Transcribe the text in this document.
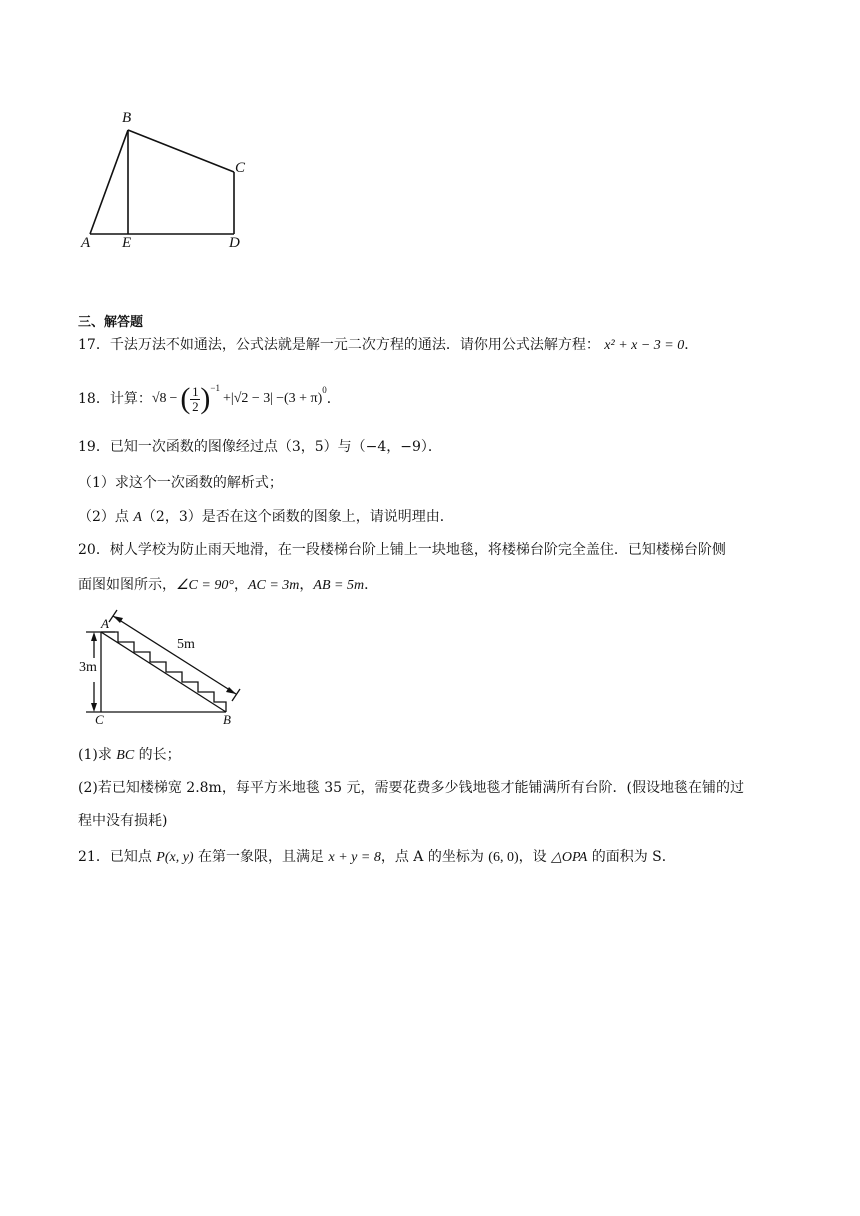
B
C
A E	D
三、解答题
17．千法万法不如通法，公式法就是解一元二次方程的通法．请你用公式法解方程： x² + x − 3 = 0．
18． 计算： √8 − ( 1
2 )$^{-1}$
+|√2 − 3| −(3 + π)
$^0$
．
19．已知一次函数的图像经过点（3，5）与（−4，−9）．
（1）求这个一次函数的解析式；
（2）点 A（2，3）是否在这个函数的图象上，请说明理由．
20．树人学校为防止雨天地滑，在一段楼梯台阶上铺上一块地毯，将楼梯台阶完全盖住．已知楼梯台阶侧
面图如图所示，∠C = 90°，AC = 3m，AB = 5m．
A
5m
3m
C	B
(1)求 BC 的长；
(2)若已知楼梯宽 2.8m，每平方米地毯 35 元，需要花费多少钱地毯才能铺满所有台阶．(假设地毯在铺的过
程中没有损耗)
21．已知点 P(x, y) 在第一象限，且满足 x + y = 8，点 A 的坐标为 (6, 0)，设 △OPA 的面积为 S．
